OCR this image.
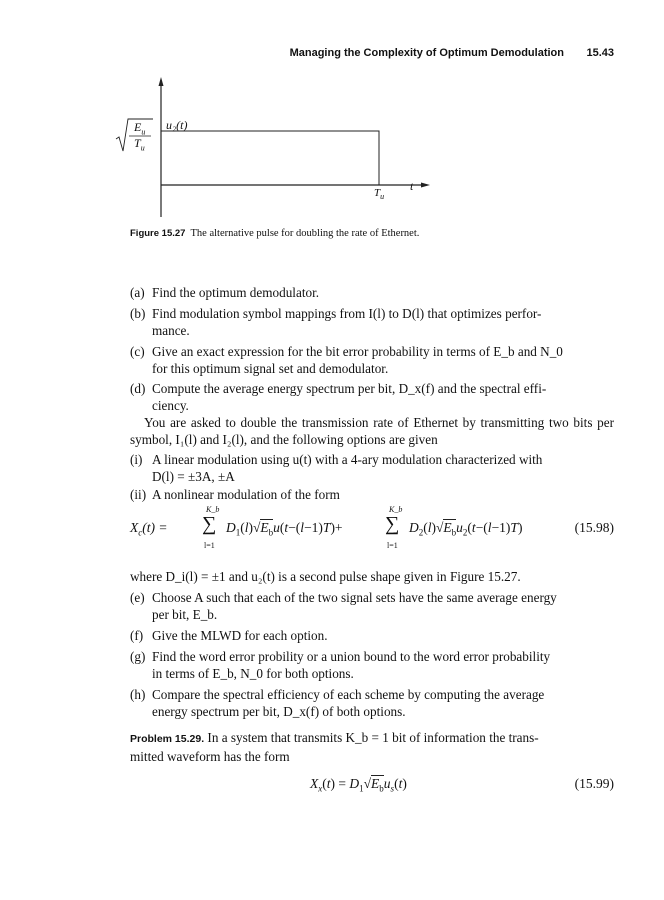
Managing the Complexity of Optimum Demodulation 15.43
$E_u$
$T_u$
u₂(t)
t
$T_u$
Figure 15.27 The alternative pulse for doubling the rate of Ethernet.
(a) Find the optimum demodulator.
(b) Find modulation symbol mappings from I(l) to D(l) that optimizes perfor-
mance.
(c) Give an exact expression for the bit error probability in terms of E_b and N_0
for this optimum signal set and demodulator.
(d) Compute the average energy spectrum per bit, D_x(f) and the spectral effi-
ciency.
You are asked to double the transmission rate of Ethernet by transmitting two bits per symbol, I₁(l) and I₂(l), and the following options are given
(i) A linear modulation using u(t) with a 4-ary modulation characterized with
D(l) = ±3A, ±A
(ii) A nonlinear modulation of the form
$X_c(t)$ =
K_b
∑
l=1
$D_1(l)√E_bu(t-(l-1)T)+$
K_b
∑
l=1
$D_2(l)√E_bu_2(t-(l-1)T)$	(15.98)
where D_i(l) = ±1 and u₂(t) is a second pulse shape given in Figure 15.27.
(e) Choose A such that each of the two signal sets have the same average energy
per bit, E_b.
(f) Give the MLWD for each option.
(g) Find the word error probility or a union bound to the word error probability
in terms of E_b, N_0 for both options.
(h) Compare the spectral efficiency of each scheme by computing the average
energy spectrum per bit, D_x(f) of both options.
Problem 15.29. In a system that transmits K_b = 1 bit of information the trans-
mitted waveform has the form
$X_x(t) = D_1√E_bu_s(t)$	(15.99)
